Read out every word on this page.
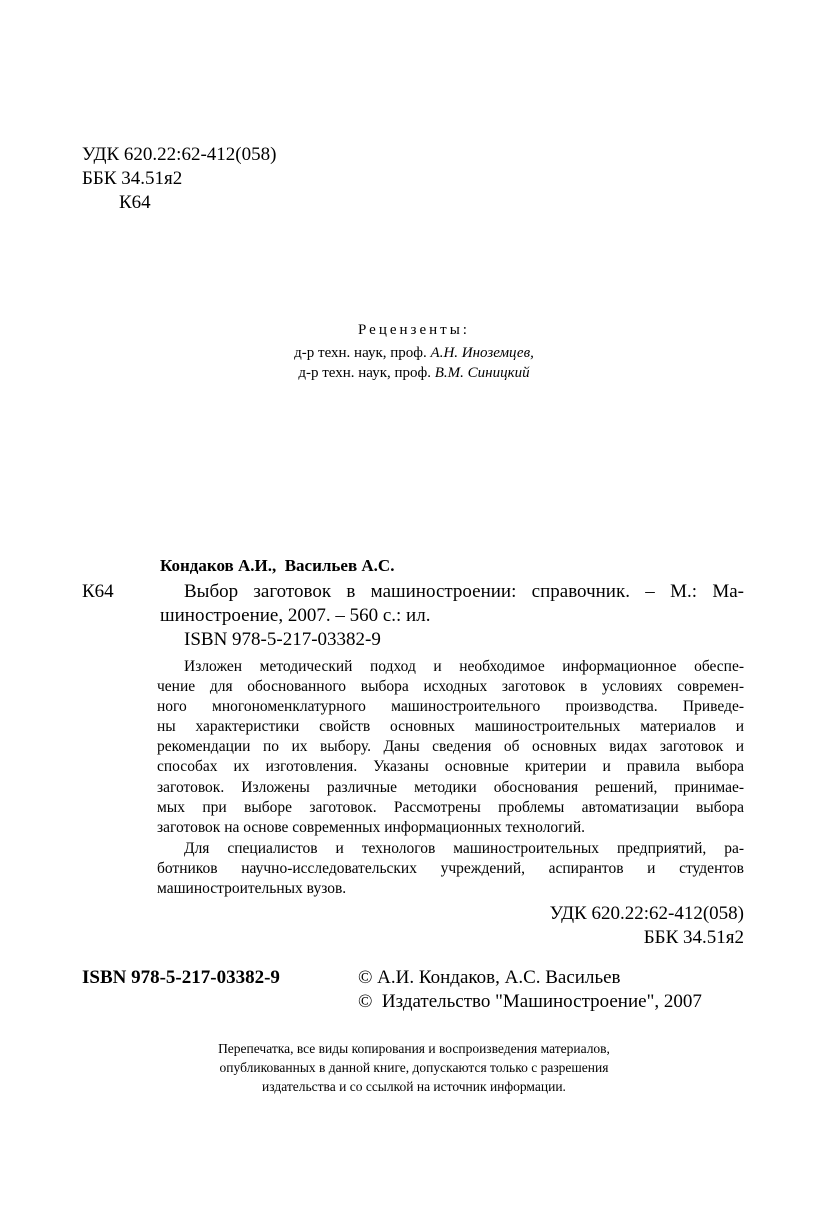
УДК 620.22:62-412(058)
ББК 34.51я2
К64
Рецензенты:
д-р техн. наук, проф. А.Н. Иноземцев,
д-р техн. наук, проф. В.М. Синицкий
Кондаков А.И.,  Васильев А.С.
К64	Выбор заготовок в машиностроении: справочник. – М.: Ма-
шиностроение, 2007. – 560 с.: ил.
ISBN 978-5-217-03382-9
Изложен методический подход и необходимое информационное обеспе-
чение для обоснованного выбора исходных заготовок в условиях современ-
ного многономенклатурного машиностроительного производства. Приведе-
ны характеристики свойств основных машиностроительных материалов и
рекомендации по их выбору. Даны сведения об основных видах заготовок и
способах их изготовления. Указаны основные критерии и правила выбора
заготовок. Изложены различные методики обоснования решений, принимае-
мых при выборе заготовок. Рассмотрены проблемы автоматизации выбора
заготовок на основе современных информационных технологий.
Для специалистов и технологов машиностроительных предприятий, ра-
ботников научно-исследовательских учреждений, аспирантов и студентов
машиностроительных вузов.
УДК 620.22:62-412(058)
ББК 34.51я2
ISBN 978-5-217-03382-9	© А.И. Кондаков, А.С. Васильев
©  Издательство "Машиностроение", 2007
Перепечатка, все виды копирования и воспроизведения материалов,
опубликованных в данной книге, допускаются только с разрешения
издательства и со ссылкой на источник информации.
